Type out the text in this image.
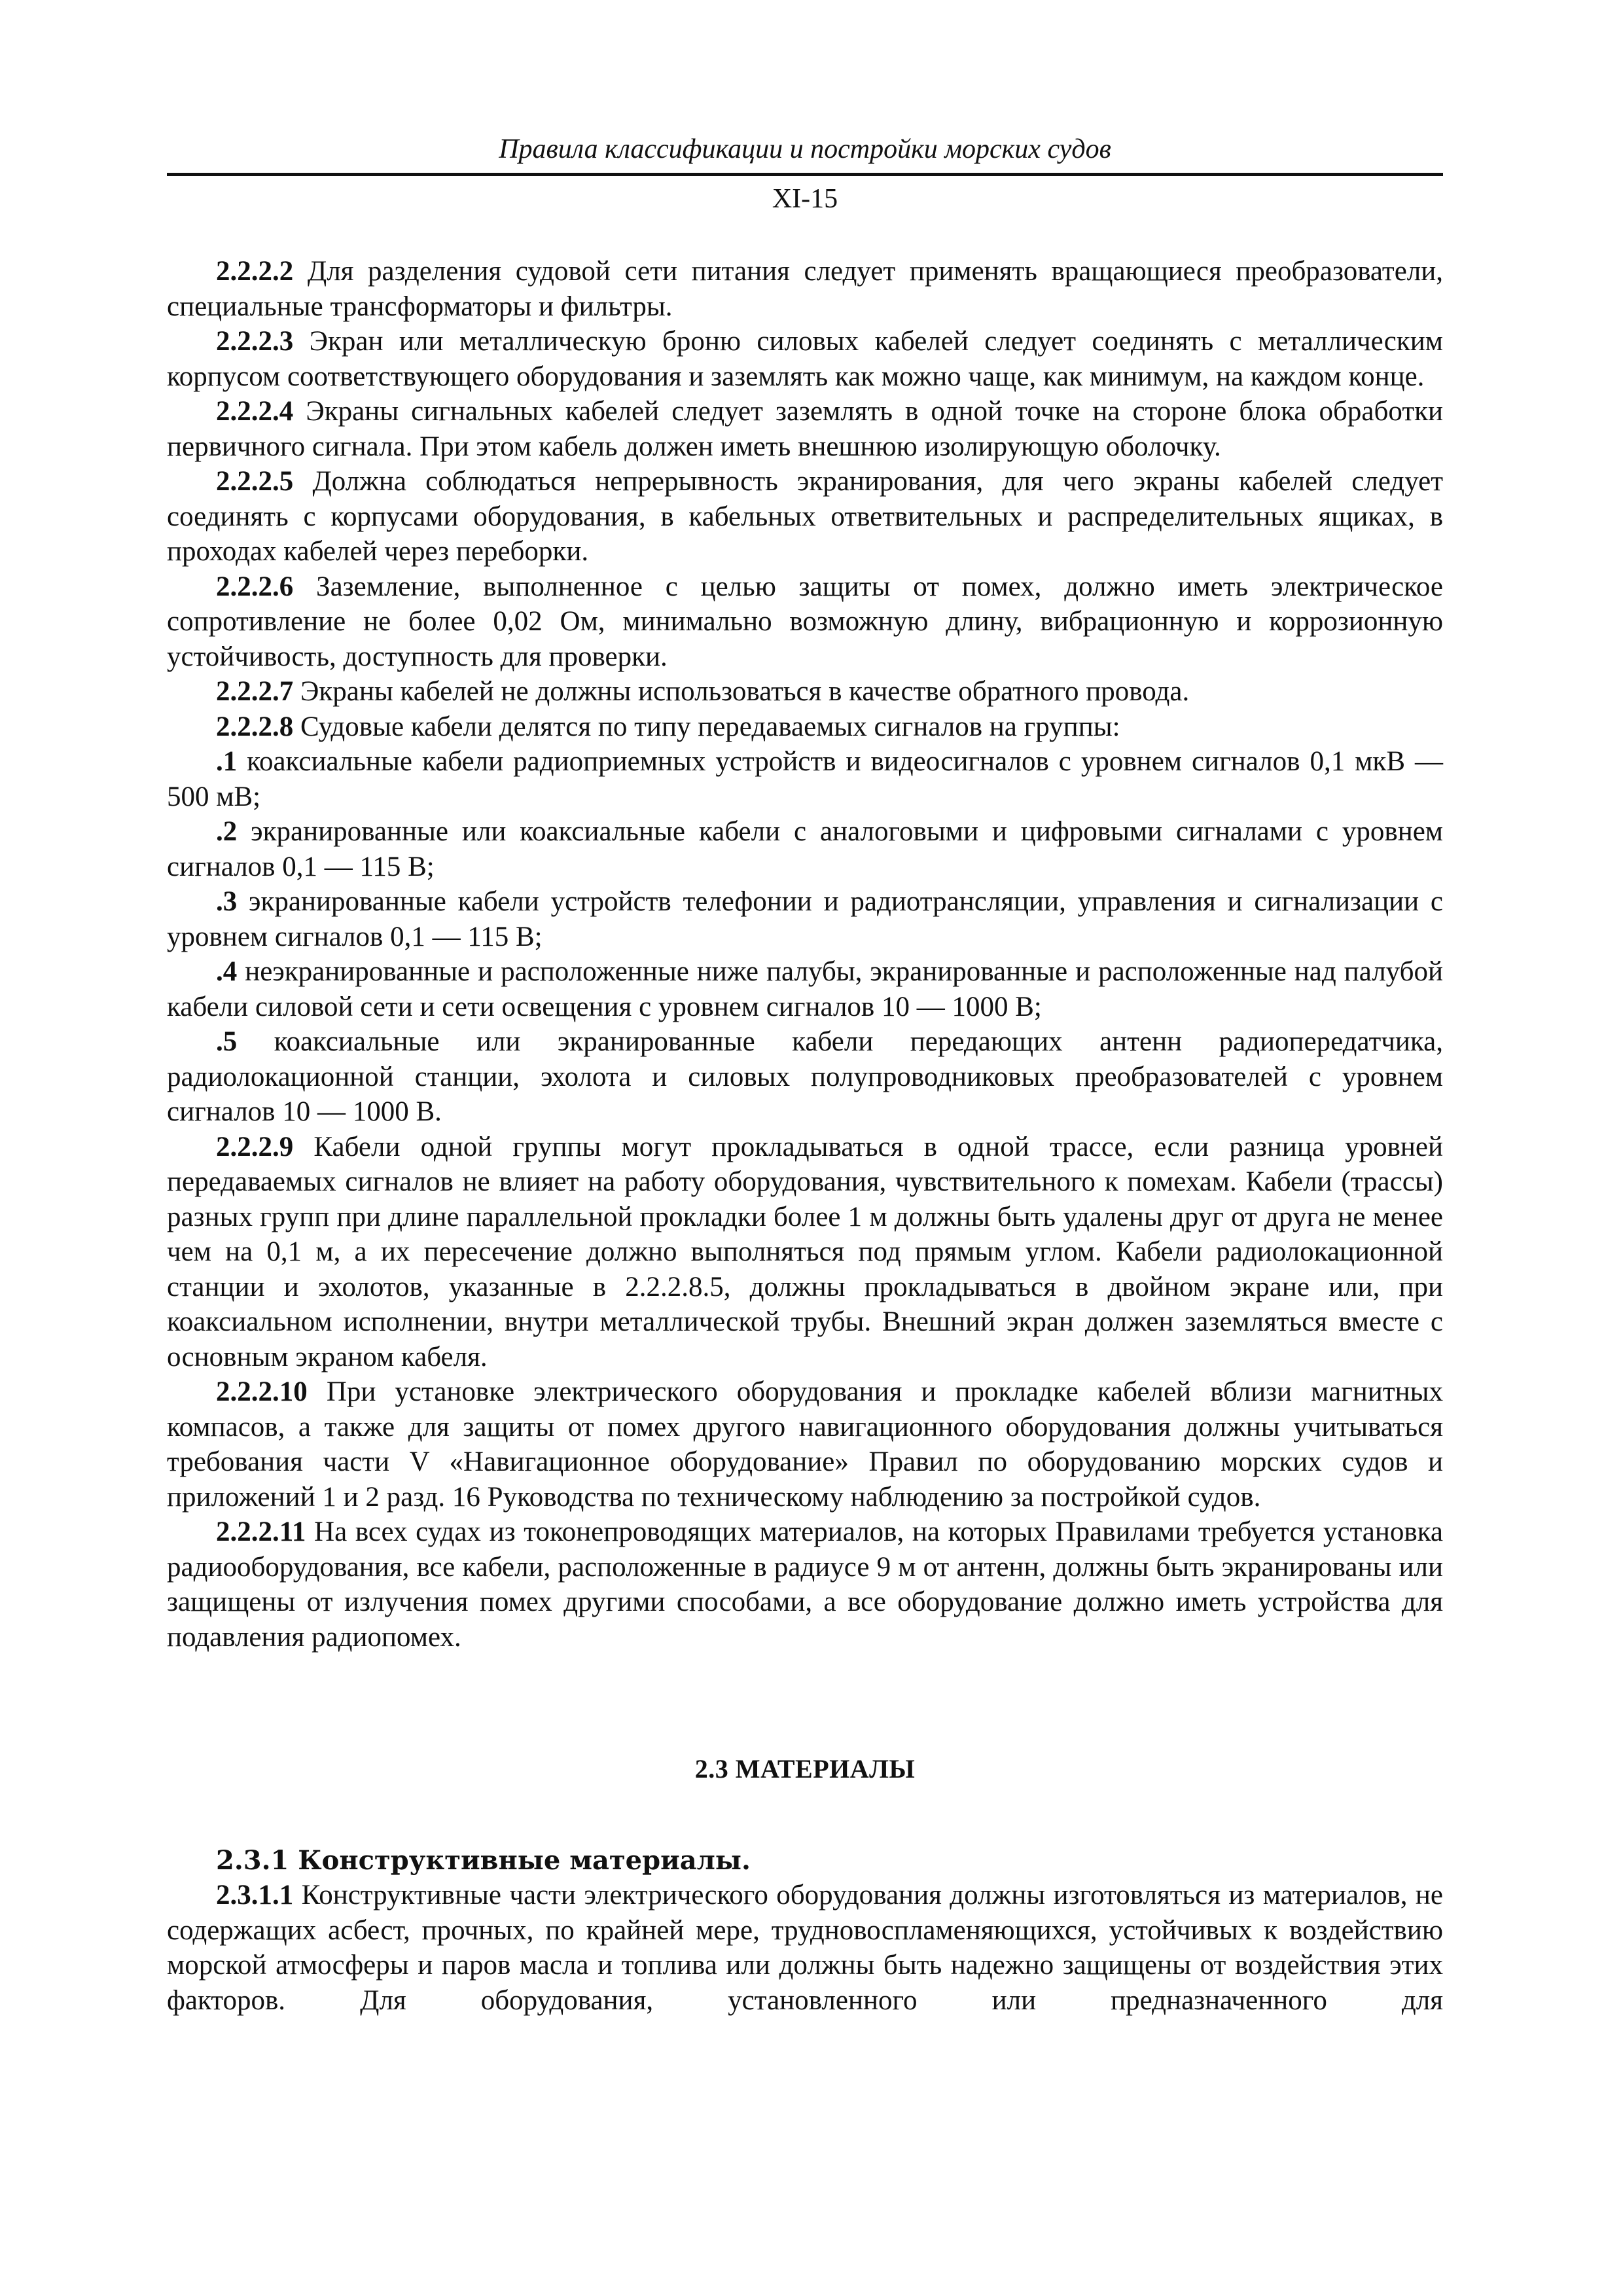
Правила классификации и постройки морских судов
XI-15

2.2.2.2 Для разделения судовой сети питания следует применять вращающиеся преобразователи, специальные трансформаторы и фильтры.

2.2.2.3 Экран или металлическую броню силовых кабелей следует соединять с металлическим корпусом соответствующего оборудования и заземлять как можно чаще, как минимум, на каждом конце.

2.2.2.4 Экраны сигнальных кабелей следует заземлять в одной точке на стороне блока обработки первичного сигнала. При этом кабель должен иметь внешнюю изолирующую оболочку.

2.2.2.5 Должна соблюдаться непрерывность экранирования, для чего экраны кабелей следует соединять с корпусами оборудования, в кабельных ответвительных и распределительных ящиках, в проходах кабелей через переборки.

2.2.2.6 Заземление, выполненное с целью защиты от помех, должно иметь электрическое сопротивление не более 0,02 Ом, минимально возможную длину, вибрационную и коррозионную устойчивость, доступность для проверки.

2.2.2.7 Экраны кабелей не должны использоваться в качестве обратного провода.

2.2.2.8 Судовые кабели делятся по типу передаваемых сигналов на группы:

.1 коаксиальные кабели радиоприемных устройств и видеосигналов с уровнем сигналов 0,1 мкВ — 500 мВ;

.2 экранированные или коаксиальные кабели с аналоговыми и цифровыми сигналами с уровнем сигналов 0,1 — 115 В;

.3 экранированные кабели устройств телефонии и радиотрансляции, управления и сигнализации с уровнем сигналов 0,1 — 115 В;

.4 неэкранированные и расположенные ниже палубы, экранированные и расположенные над палубой кабели силовой сети и сети освещения с уровнем сигналов 10 — 1000 В;

.5 коаксиальные или экранированные кабели передающих антенн радиопередатчика, радиолокационной станции, эхолота и силовых полупроводниковых преобразователей с уровнем сигналов 10 — 1000 В.

2.2.2.9 Кабели одной группы могут прокладываться в одной трассе, если разница уровней передаваемых сигналов не влияет на работу оборудования, чувствительного к помехам. Кабели (трассы) разных групп при длине параллельной прокладки более 1 м должны быть удалены друг от друга не менее чем на 0,1 м, а их пересечение должно выполняться под прямым углом. Кабели радиолокационной станции и эхолотов, указанные в 2.2.2.8.5, должны прокладываться в двойном экране или, при коаксиальном исполнении, внутри металлической трубы. Внешний экран должен заземляться вместе с основным экраном кабеля.

2.2.2.10 При установке электрического оборудования и прокладке кабелей вблизи магнитных компасов, а также для защиты от помех другого навигационного оборудования должны учитываться требования части V «Навигационное оборудование» Правил по оборудованию морских судов и приложений 1 и 2 разд. 16 Руководства по техническому наблюдению за постройкой судов.

2.2.2.11 На всех судах из токонепроводящих материалов, на которых Правилами требуется установка радиооборудования, все кабели, расположенные в радиусе 9 м от антенн, должны быть экранированы или защищены от излучения помех другими способами, а все оборудование должно иметь устройства для подавления радиопомех.

2.3 МАТЕРИАЛЫ

2.3.1 Конструктивные материалы.

2.3.1.1 Конструктивные части электрического оборудования должны изготовляться из материалов, не содержащих асбест, прочных, по крайней мере, трудновоспламеняющихся, устойчивых к воздействию морской атмосферы и паров масла и топлива или должны быть надежно защищены от воздействия этих факторов. Для оборудования, установленного или предназначенного для
